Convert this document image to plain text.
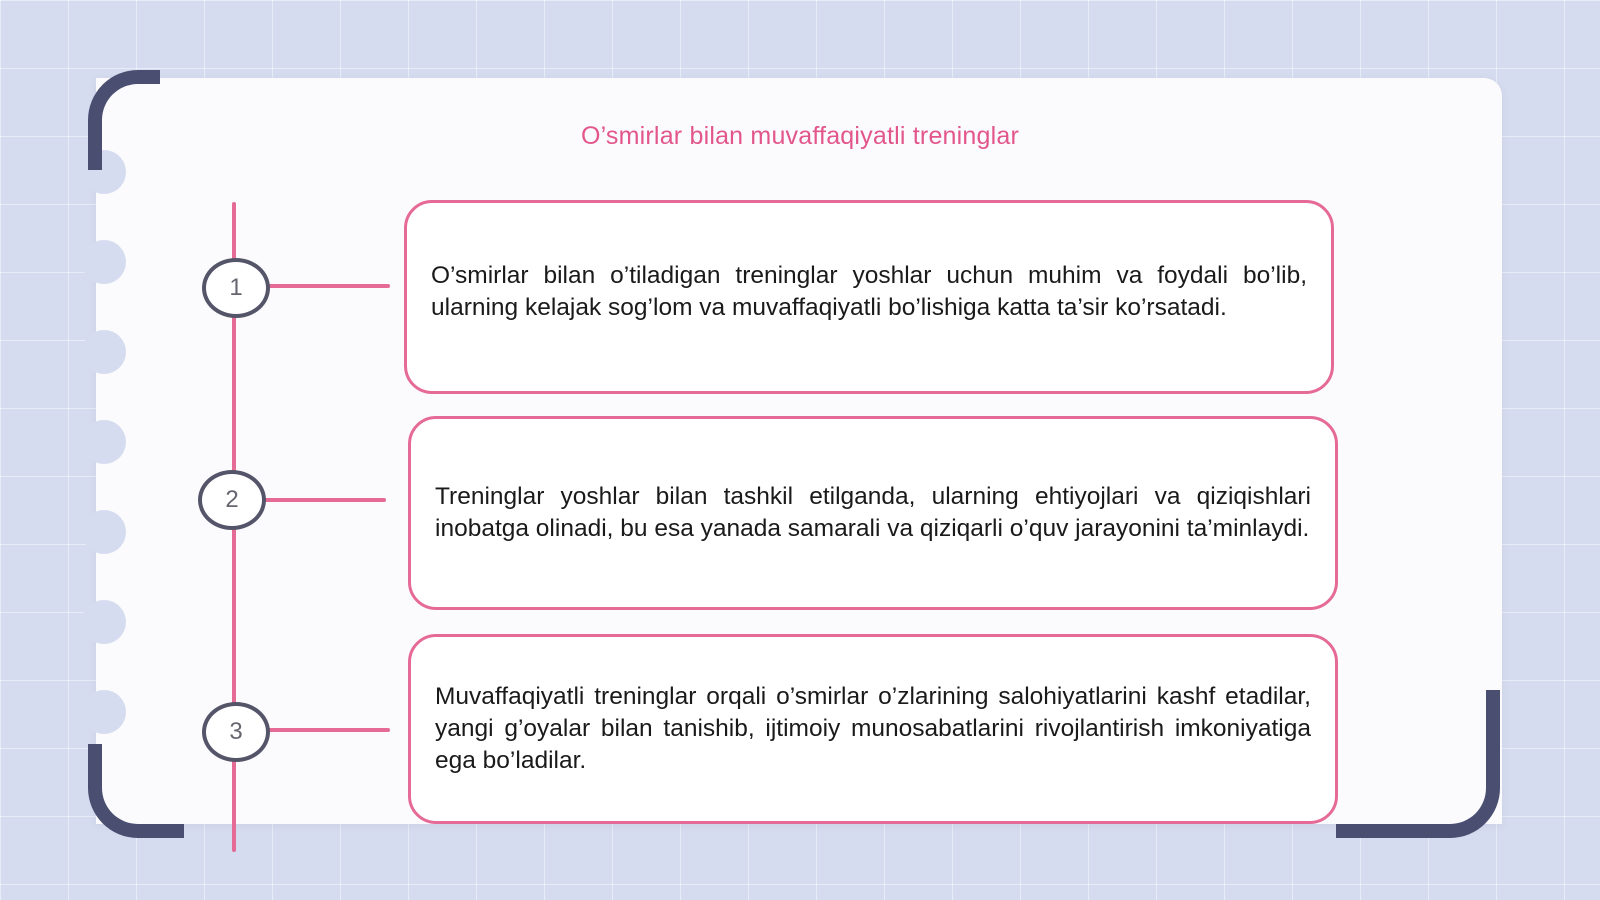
O’smirlar bilan muvaffaqiyatli treninglar
1	O’smirlar bilan o’tiladigan treninglar yoshlar uchun muhim va foydali bo’lib, ularning kelajak sog’lom va muvaffaqiyatli bo’lishiga katta ta’sir ko’rsatadi.

2	Treninglar yoshlar bilan tashkil etilganda, ularning ehtiyojlari va qiziqishlari inobatga olinadi, bu esa yanada samarali va qiziqarli o’quv jarayonini ta’minlaydi.

3

Muvaffaqiyatli treninglar orqali o’smirlar o’zlarining salohiyatlarini kashf etadilar, yangi g’oyalar bilan tanishib, ijtimoiy munosabatlarini rivojlantirish imkoniyatiga ega bo’ladilar.
